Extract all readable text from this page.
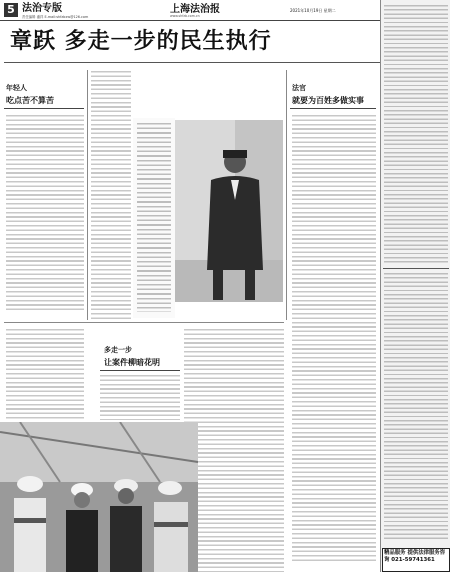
5 法治专版
责任编辑 潘祥 E-mail:shfzbxw@126.com
上海法治报
www.shfzb.com.cn
2021年10月19日 星期二
章跃 多走一步的民生执行
年轻人
吃点苦不算苦
法官
就要为百姓多做实事
多走一步
让案件柳暗花明
精品服务 提供法律服务咨询 021-59741361
